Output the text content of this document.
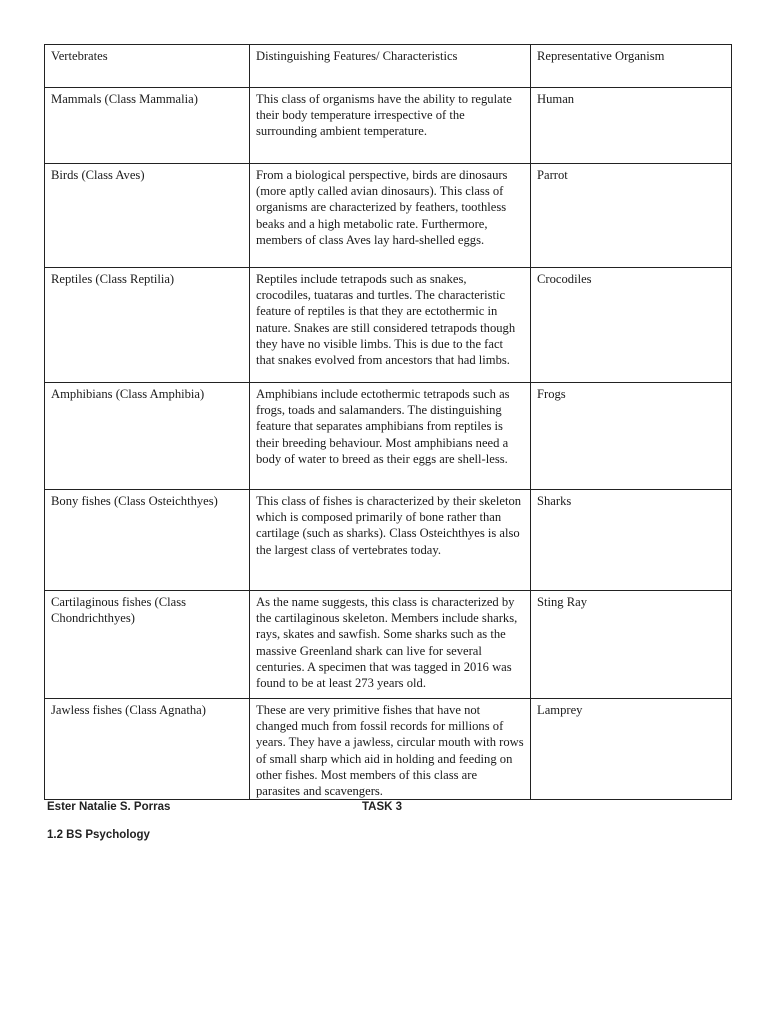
Vertebrates	Distinguishing Features/ Characteristics	Representative Organism
Mammals (Class Mammalia)	This class of organisms have the ability to regulate their body temperature irrespective of the surrounding ambient temperature.	Human
Birds (Class Aves)	From a biological perspective, birds are dinosaurs (more aptly called avian dinosaurs). This class of organisms are characterized by feathers, toothless beaks and a high metabolic rate. Furthermore, members of class Aves lay hard-shelled eggs.	Parrot
Reptiles (Class Reptilia)	Reptiles include tetrapods such as snakes, crocodiles, tuataras and turtles. The characteristic feature of reptiles is that they are ectothermic in nature. Snakes are still considered tetrapods though they have no visible limbs. This is due to the fact that snakes evolved from ancestors that had limbs.	Crocodiles
Amphibians (Class Amphibia)	Amphibians include ectothermic tetrapods such as frogs, toads and salamanders. The distinguishing feature that separates amphibians from reptiles is their breeding behaviour. Most amphibians need a body of water to breed as their eggs are shell-less.	Frogs
Bony fishes (Class Osteichthyes)	This class of fishes is characterized by their skeleton which is composed primarily of bone rather than cartilage (such as sharks). Class Osteichthyes is also the largest class of vertebrates today.	Sharks
Cartilaginous fishes (Class Chondrichthyes)	As the name suggests, this class is characterized by the cartilaginous skeleton. Members include sharks, rays, skates and sawfish. Some sharks such as the massive Greenland shark can live for several centuries. A specimen that was tagged in 2016 was found to be at least 273 years old.	Sting Ray
Jawless fishes (Class Agnatha)	These are very primitive fishes that have not changed much from fossil records for millions of years. They have a jawless, circular mouth with rows of small sharp which aid in holding and feeding on other fishes. Most members of this class are parasites and scavengers.	Lamprey
Ester Natalie S. Porras	TASK 3
1.2 BS Psychology
